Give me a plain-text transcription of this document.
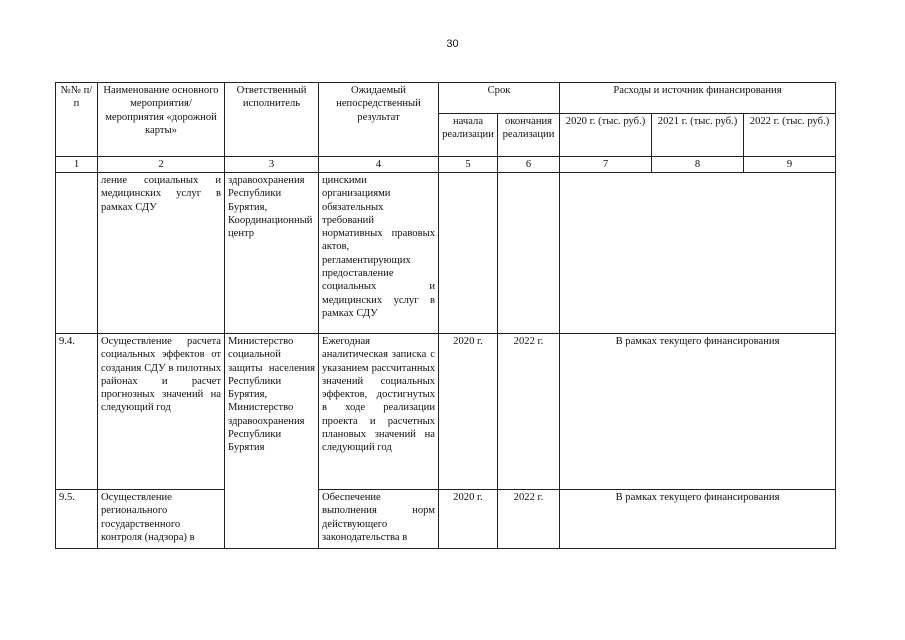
30
№№ п/п	Наименование основного мероприятия/мероприятия «дорожной карты»	Ответственный исполнитель	Ожидаемый непосредственный результат	Срок		Расходы и источник финансирования		
				начала реализации	окончания реализации	2020 г. (тыс. руб.)	2021 г. (тыс. руб.)	2022 г. (тыс. руб.)
1	2	3	4	5	6	7	8	9
	ление социальных и медицинских услуг в рамках СДУ	здравоохранения Республики Бурятия, Координационный центр	цинскими организациями обязательных требований нормативных правовых актов, регламентирующих предоставление социальных и медицинских услуг в рамках СДУ					
9.4.	Осуществление расчета социальных эффектов от создания СДУ в пилотных районах и расчет прогнозных значений на следующий год	Министерство социальной защиты населения Республики Бурятия, Министерство здравоохранения Республики Бурятия	Ежегодная аналитическая записка с указанием рассчитанных значений социальных эффектов, достигнутых в ходе реализации проекта и расчетных плановых значений на следующий год	2020 г.	2022 г.	В рамках текущего финансирования		
9.5.	Осуществление регионального государственного контроля (надзора) в		Обеспечение выполнения норм действующего законодательства в	2020 г.	2022 г.	В рамках текущего финансирования		
